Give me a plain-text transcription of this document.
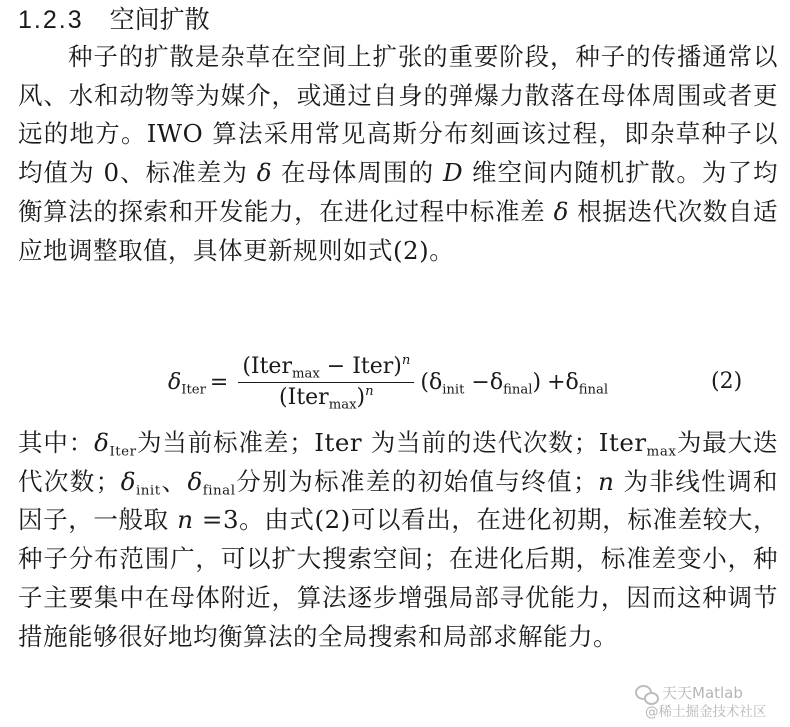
1.2.3 空间扩散
种子的扩散是杂草在空间上扩张的重要阶段，种子的传播通常以风、水和动物等为媒介，或通过自身的弹爆力散落在母体周围或者更远的地方。IWO 算法采用常见高斯分布刻画该过程，即杂草种子以均值为 0、标准差为 δ 在母体周围的 D 维空间内随机扩散。为了均衡算法的探索和开发能力，在进化过程中标准差 δ 根据迭代次数自适应地调整取值，具体更新规则如式(2)。
$\delta_{Iter} = \frac{(Iter_{max} - Iter)^n}{(Iter_{max})^n} (\delta_{init} -\delta_{final}) +\delta_{final}$	(2)
其中：$\delta_{Iter}$为当前标准差；Iter 为当前的迭代次数；Iter$_{max}$为最大迭代次数；$\delta_{init}$、$\delta_{final}$分别为标准差的初始值与终值；n 为非线性调和因子，一般取 n =3。由式(2)可以看出，在进化初期，标准差较大，种子分布范围广，可以扩大搜索空间；在进化后期，标准差变小，种子主要集中在母体附近，算法逐步增强局部寻优能力，因而这种调节措施能够很好地均衡算法的全局搜索和局部求解能力。
天天Matlab
@稀土掘金技术社区
